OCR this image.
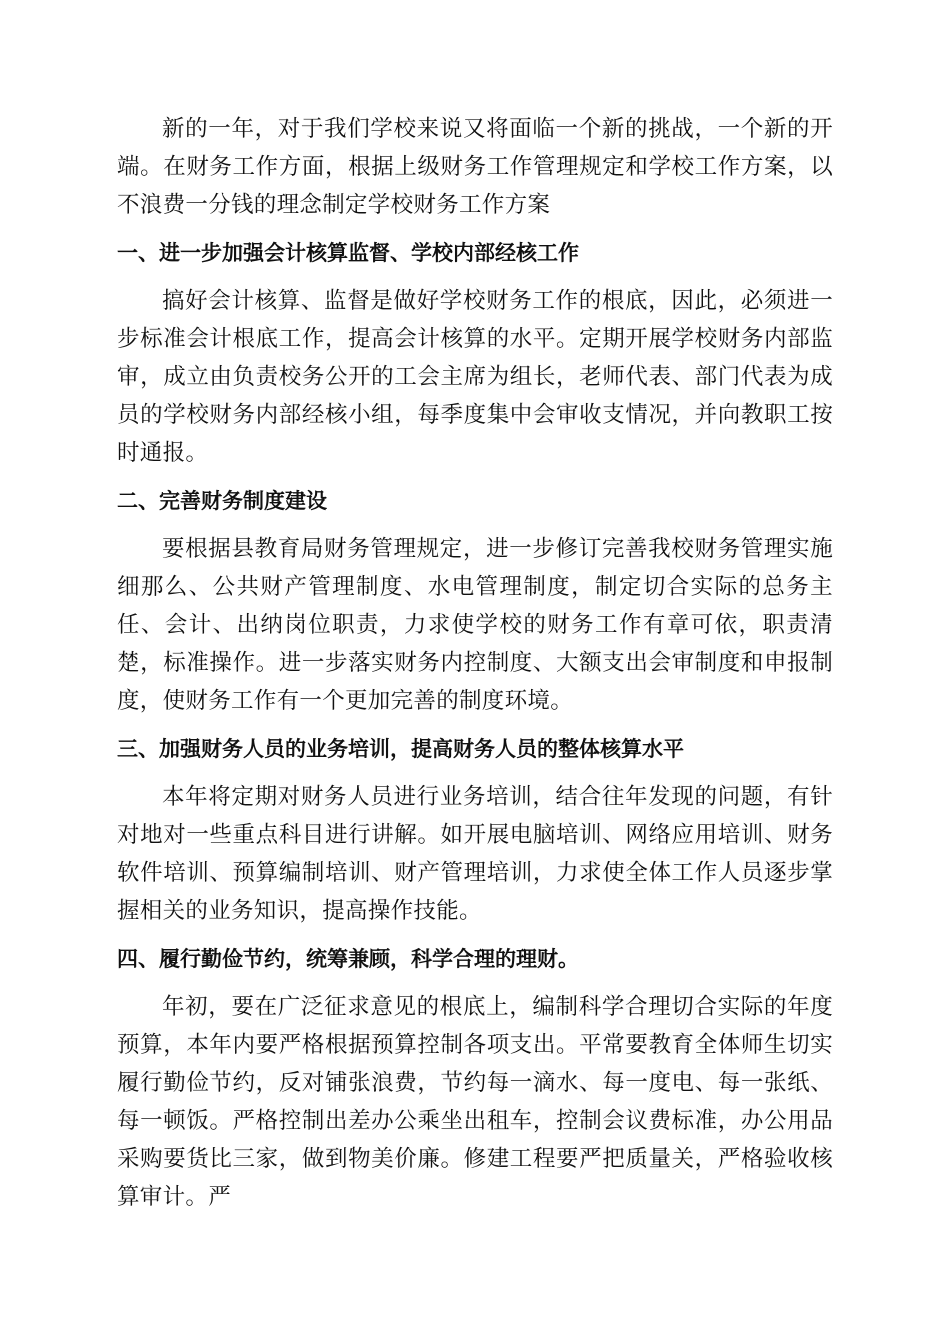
新的一年，对于我们学校来说又将面临一个新的挑战，一个新的开端。在财务工作方面，根据上级财务工作管理规定和学校工作方案，以不浪费一分钱的理念制定学校财务工作方案

一、进一步加强会计核算监督、学校内部经核工作

搞好会计核算、监督是做好学校财务工作的根底，因此，必须进一步标准会计根底工作，提高会计核算的水平。定期开展学校财务内部监审，成立由负责校务公开的工会主席为组长，老师代表、部门代表为成员的学校财务内部经核小组，每季度集中会审收支情况，并向教职工按时通报。

二、完善财务制度建设

要根据县教育局财务管理规定，进一步修订完善我校财务管理实施细那么、公共财产管理制度、水电管理制度，制定切合实际的总务主任、会计、出纳岗位职责，力求使学校的财务工作有章可依，职责清楚，标准操作。进一步落实财务内控制度、大额支出会审制度和申报制度，使财务工作有一个更加完善的制度环境。

三、加强财务人员的业务培训，提高财务人员的整体核算水平

本年将定期对财务人员进行业务培训，结合往年发现的问题，有针对地对一些重点科目进行讲解。如开展电脑培训、网络应用培训、财务软件培训、预算编制培训、财产管理培训，力求使全体工作人员逐步掌握相关的业务知识，提高操作技能。

四、履行勤俭节约，统筹兼顾，科学合理的理财。

年初，要在广泛征求意见的根底上，编制科学合理切合实际的年度预算，本年内要严格根据预算控制各项支出。平常要教育全体师生切实履行勤俭节约，反对铺张浪费，节约每一滴水、每一度电、每一张纸、每一顿饭。严格控制出差办公乘坐出租车，控制会议费标准，办公用品采购要货比三家，做到物美价廉。修建工程要严把质量关，严格验收核算审计。严
